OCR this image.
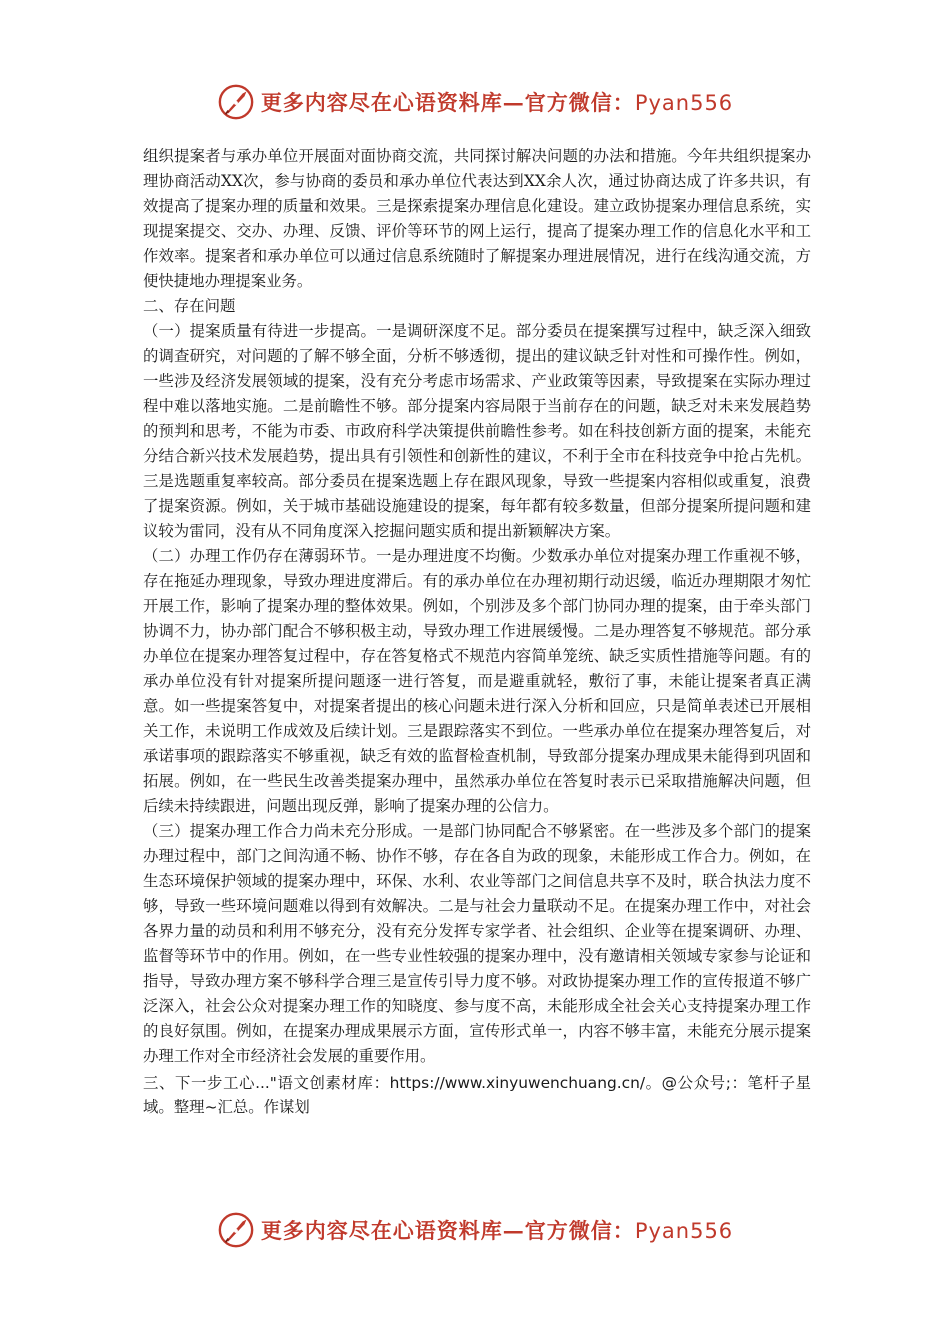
更多内容尽在心语资料库—官方微信：Pyan556

组织提案者与承办单位开展面对面协商交流，共同探讨解决问题的办法和措施。今年共组织提案办理协商活动XX次，参与协商的委员和承办单位代表达到XX余人次，通过协商达成了许多共识，有效提高了提案办理的质量和效果。三是探索提案办理信息化建设。建立政协提案办理信息系统，实现提案提交、交办、办理、反馈、评价等环节的网上运行，提高了提案办理工作的信息化水平和工作效率。提案者和承办单位可以通过信息系统随时了解提案办理进展情况，进行在线沟通交流，方便快捷地办理提案业务。

二、存在问题

（一）提案质量有待进一步提高。一是调研深度不足。部分委员在提案撰写过程中，缺乏深入细致的调查研究，对问题的了解不够全面，分析不够透彻，提出的建议缺乏针对性和可操作性。例如，一些涉及经济发展领域的提案，没有充分考虑市场需求、产业政策等因素，导致提案在实际办理过程中难以落地实施。二是前瞻性不够。部分提案内容局限于当前存在的问题，缺乏对未来发展趋势的预判和思考，不能为市委、市政府科学决策提供前瞻性参考。如在科技创新方面的提案，未能充分结合新兴技术发展趋势，提出具有引领性和创新性的建议，不利于全市在科技竞争中抢占先机。三是选题重复率较高。部分委员在提案选题上存在跟风现象，导致一些提案内容相似或重复，浪费了提案资源。例如，关于城市基础设施建设的提案，每年都有较多数量，但部分提案所提问题和建议较为雷同，没有从不同角度深入挖掘问题实质和提出新颖解决方案。

（二）办理工作仍存在薄弱环节。一是办理进度不均衡。少数承办单位对提案办理工作重视不够，存在拖延办理现象，导致办理进度滞后。有的承办单位在办理初期行动迟缓，临近办理期限才匆忙开展工作，影响了提案办理的整体效果。例如，个别涉及多个部门协同办理的提案，由于牵头部门协调不力，协办部门配合不够积极主动，导致办理工作进展缓慢。二是办理答复不够规范。部分承办单位在提案办理答复过程中，存在答复格式不规范内容简单笼统、缺乏实质性措施等问题。有的承办单位没有针对提案所提问题逐一进行答复，而是避重就轻，敷衍了事，未能让提案者真正满意。如一些提案答复中，对提案者提出的核心问题未进行深入分析和回应，只是简单表述已开展相关工作，未说明工作成效及后续计划。三是跟踪落实不到位。一些承办单位在提案办理答复后，对承诺事项的跟踪落实不够重视，缺乏有效的监督检查机制，导致部分提案办理成果未能得到巩固和拓展。例如，在一些民生改善类提案办理中，虽然承办单位在答复时表示已采取措施解决问题，但后续未持续跟进，问题出现反弹，影响了提案办理的公信力。

（三）提案办理工作合力尚未充分形成。一是部门协同配合不够紧密。在一些涉及多个部门的提案办理过程中，部门之间沟通不畅、协作不够，存在各自为政的现象，未能形成工作合力。例如，在生态环境保护领域的提案办理中，环保、水利、农业等部门之间信息共享不及时，联合执法力度不够，导致一些环境问题难以得到有效解决。二是与社会力量联动不足。在提案办理工作中，对社会各界力量的动员和利用不够充分，没有充分发挥专家学者、社会组织、企业等在提案调研、办理、监督等环节中的作用。例如，在一些专业性较强的提案办理中，没有邀请相关领域专家参与论证和指导，导致办理方案不够科学合理三是宣传引导力度不够。对政协提案办理工作的宣传报道不够广泛深入，社会公众对提案办理工作的知晓度、参与度不高，未能形成全社会关心支持提案办理工作的良好氛围。例如，在提案办理成果展示方面，宣传形式单一，内容不够丰富，未能充分展示提案办理工作对全市经济社会发展的重要作用。

三、下一步工心..."语文创素材库：https://www.xinyuwenchuang.cn/。@公众号;：笔杆子星域。整理~汇总。作谋划

更多内容尽在心语资料库—官方微信：Pyan556
